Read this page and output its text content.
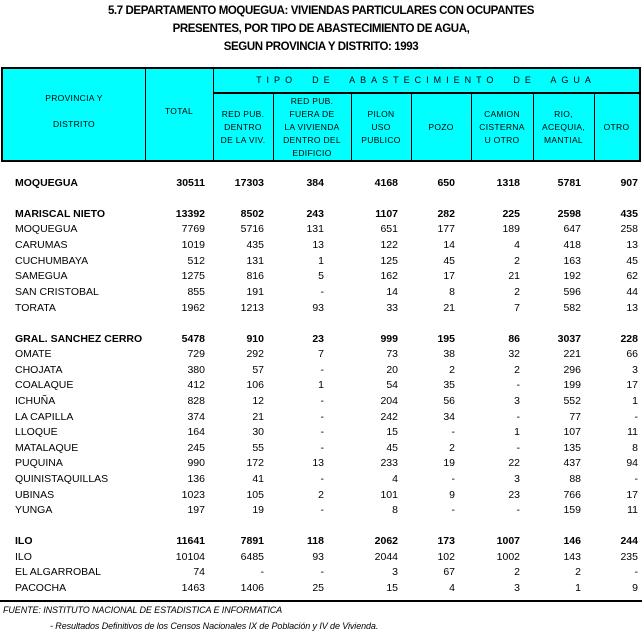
5.7 DEPARTAMENTO MOQUEGUA: VIVIENDAS PARTICULARES CON OCUPANTES
PRESENTES, POR TIPO DE ABASTECIMIENTO DE AGUA,
SEGUN PROVINCIA Y DISTRITO: 1993
PROVINCIA Y
DISTRITO
TOTAL
TIPO  DE  ABASTECIMIENTO  DE  AGUA
RED PUB.
DENTRO
DE LA VIV.
RED PUB.
FUERA DE
LA VIVIENDA
DENTRO DEL
EDIFICIO
PILON
USO
PUBLICO
POZO
CAMION
CISTERNA
U OTRO
RIO,
ACEQUIA,
MANTIAL
OTRO
MOQUEGUA	30511	17303	384	4168	650	1318	5781	907
MARISCAL NIETO	13392	8502	243	1107	282	225	2598	435
MOQUEGUA	7769	5716	131	651	177	189	647	258
CARUMAS	1019	435	13	122	14	4	418	13
CUCHUMBAYA	512	131	1	125	45	2	163	45
SAMEGUA	1275	816	5	162	17	21	192	62
SAN CRISTOBAL	855	191	-	14	8	2	596	44
TORATA	1962	1213	93	33	21	7	582	13
GRAL. SANCHEZ CERRO	5478	910	23	999	195	86	3037	228
OMATE	729	292	7	73	38	32	221	66
CHOJATA	380	57	-	20	2	2	296	3
COALAQUE	412	106	1	54	35	-	199	17
ICHUÑA	828	12	-	204	56	3	552	1
LA CAPILLA	374	21	-	242	34	-	77	-
LLOQUE	164	30	-	15	-	1	107	11
MATALAQUE	245	55	-	45	2	-	135	8
PUQUINA	990	172	13	233	19	22	437	94
QUINISTAQUILLAS	136	41	-	4	-	3	88	-
UBINAS	1023	105	2	101	9	23	766	17
YUNGA	197	19	-	8	-	-	159	11
ILO	11641	7891	118	2062	173	1007	146	244
ILO	10104	6485	93	2044	102	1002	143	235
EL ALGARROBAL	74	-	-	3	67	2	2	-
PACOCHA	1463	1406	25	15	4	3	1	9
FUENTE: INSTITUTO NACIONAL DE ESTADISTICA E INFORMATICA
- Resultados Definitivos de los Censos Nacionales IX de Población y IV de Vivienda.
